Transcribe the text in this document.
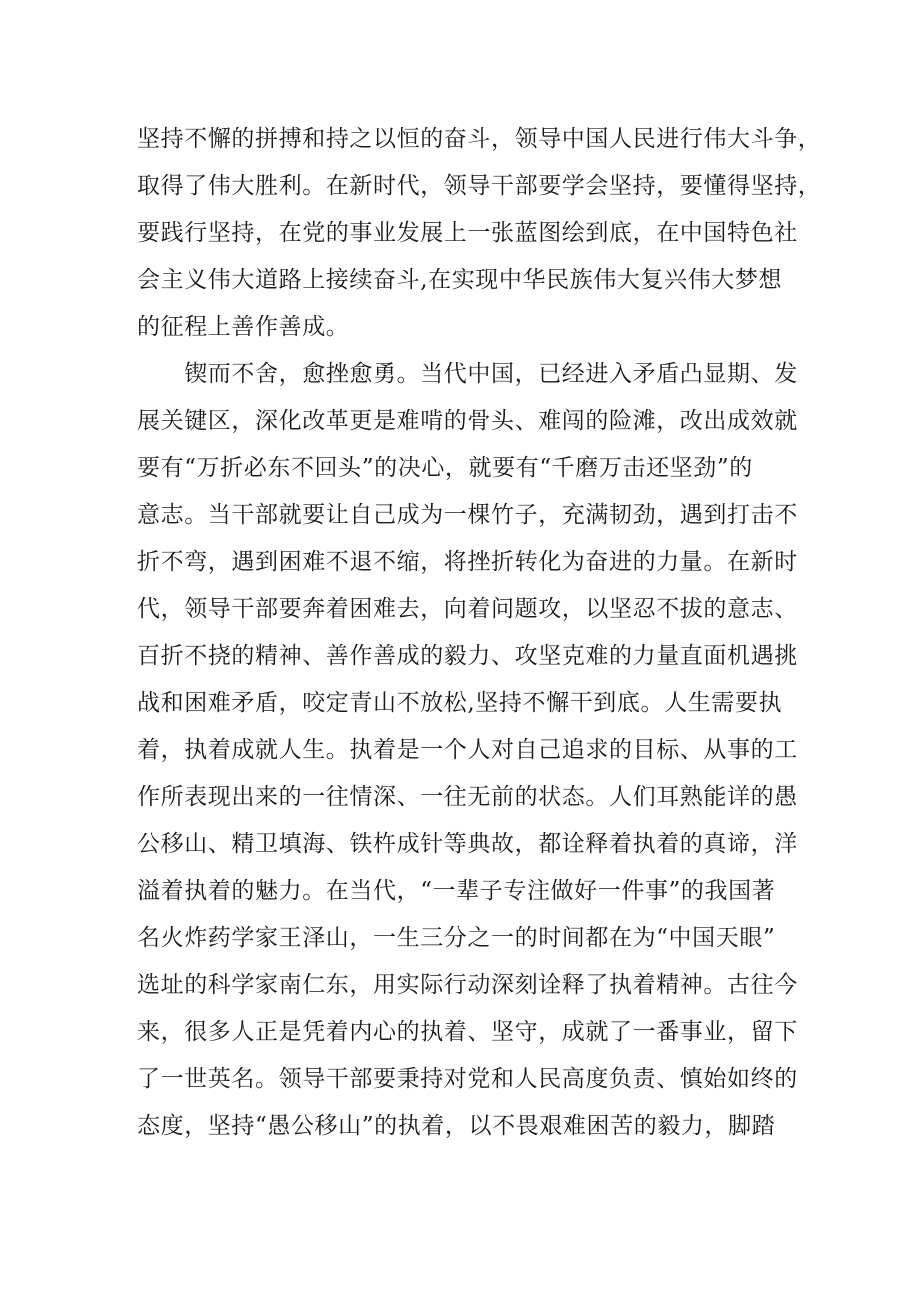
坚持不懈的拼搏和持之以恒的奋斗，领导中国人民进行伟大斗争，
取得了伟大胜利。在新时代，领导干部要学会坚持，要懂得坚持，
要践行坚持，在党的事业发展上一张蓝图绘到底，在中国特色社
会主义伟大道路上接续奋斗,在实现中华民族伟大复兴伟大梦想
的征程上善作善成。
　　锲而不舍，愈挫愈勇。当代中国，已经进入矛盾凸显期、发
展关键区，深化改革更是难啃的骨头、难闯的险滩，改出成效就
要有“万折必东不回头”的决心，就要有“千磨万击还坚劲”的
意志。当干部就要让自己成为一棵竹子，充满韧劲，遇到打击不
折不弯，遇到困难不退不缩，将挫折转化为奋进的力量。在新时
代，领导干部要奔着困难去，向着问题攻，以坚忍不拔的意志、
百折不挠的精神、善作善成的毅力、攻坚克难的力量直面机遇挑
战和困难矛盾，咬定青山不放松,坚持不懈干到底。人生需要执
着，执着成就人生。执着是一个人对自己追求的目标、从事的工
作所表现出来的一往情深、一往无前的状态。人们耳熟能详的愚
公移山、精卫填海、铁杵成针等典故，都诠释着执着的真谛，洋
溢着执着的魅力。在当代，“一辈子专注做好一件事”的我国著
名火炸药学家王泽山，一生三分之一的时间都在为“中国天眼”
选址的科学家南仁东，用实际行动深刻诠释了执着精神。古往今
来，很多人正是凭着内心的执着、坚守，成就了一番事业，留下
了一世英名。领导干部要秉持对党和人民高度负责、慎始如终的
态度，坚持“愚公移山”的执着，以不畏艰难困苦的毅力，脚踏
